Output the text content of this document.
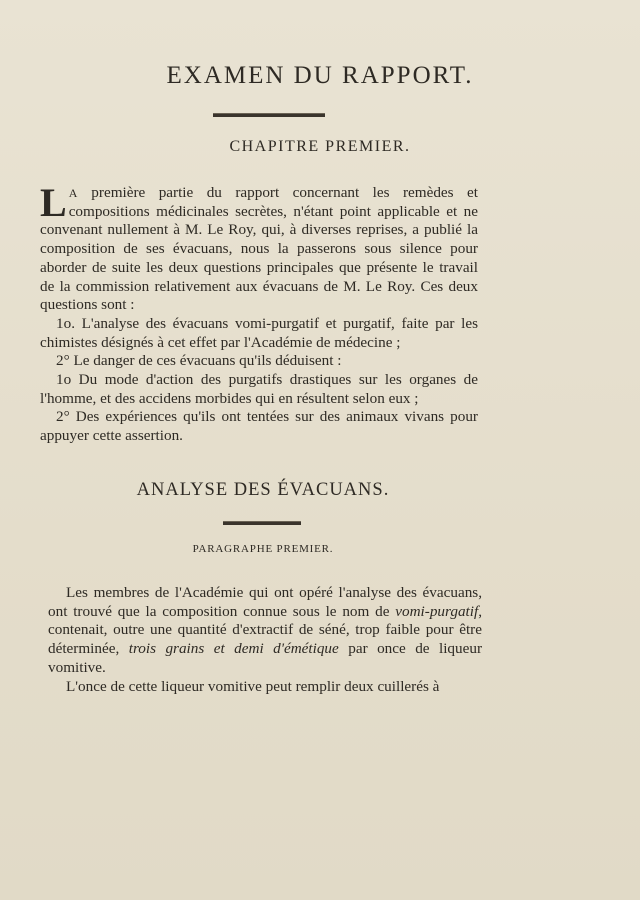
EXAMEN DU RAPPORT.
CHAPITRE PREMIER.

L A première partie du rapport concernant les remèdes et compositions médicinales secrètes, n'étant point applicable et ne convenant nullement à M. Le Roy, qui, à diverses reprises, a publié la composition de ses évacuans, nous la passerons sous silence pour aborder de suite les deux questions principales que présente le travail de la commission relativement aux évacuans de M. Le Roy. Ces deux questions sont :

1o. L'analyse des évacuans vomi-purgatif et purgatif, faite par les chimistes désignés à cet effet par l'Académie de médecine ;

2° Le danger de ces évacuans qu'ils déduisent :

1o Du mode d'action des purgatifs drastiques sur les organes de l'homme, et des accidens morbides qui en résultent selon eux ;

2° Des expériences qu'ils ont tentées sur des animaux vivans pour appuyer cette assertion.

ANALYSE DES ÉVACUANS.
PARAGRAPHE PREMIER.

Les membres de l'Académie qui ont opéré l'analyse des évacuans, ont trouvé que la composition connue sous le nom de vomi-purgatif, contenait, outre une quantité d'extractif de séné, trop faible pour être déterminée, trois grains et demi d'émétique par once de liqueur vomitive.

L'once de cette liqueur vomitive peut remplir deux cuillerés à
